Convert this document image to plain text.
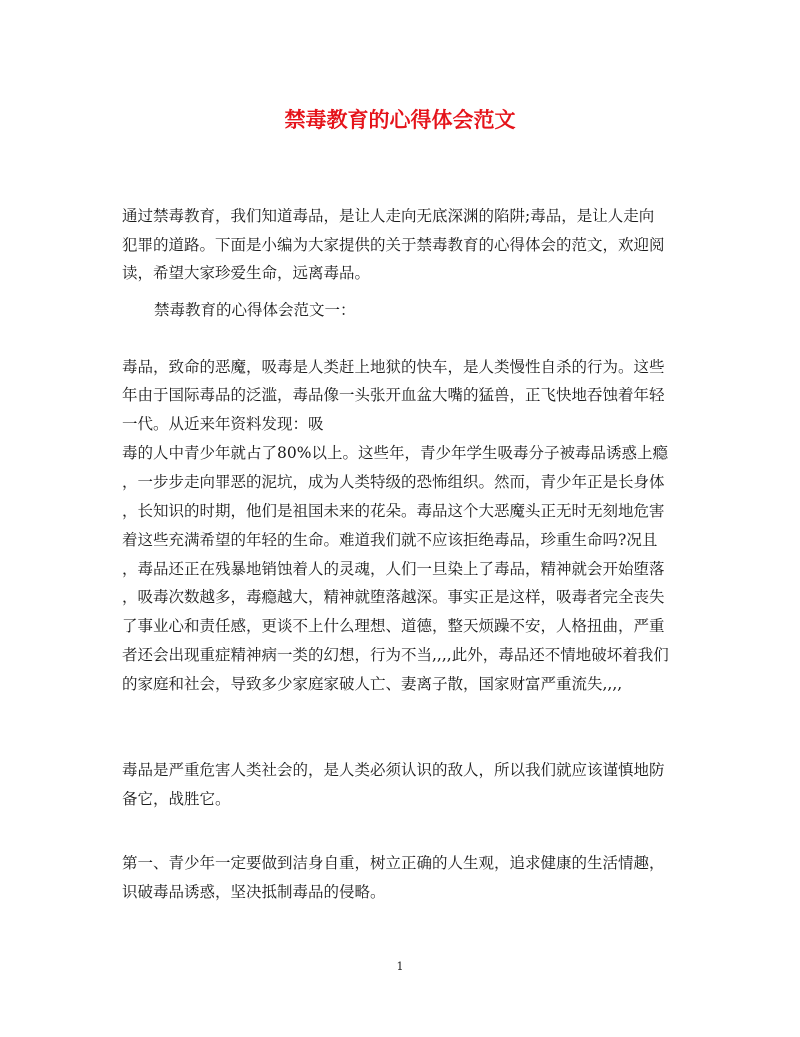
禁毒教育的心得体会范文

通过禁毒教育，我们知道毒品，是让人走向无底深渊的陷阱;毒品，是让人走向

犯罪的道路。下面是小编为大家提供的关于禁毒教育的心得体会的范文，欢迎阅

读，希望大家珍爱生命，远离毒品。

禁毒教育的心得体会范文一：

毒品，致命的恶魔，吸毒是人类赶上地狱的快车，是人类慢性自杀的行为。这些

年由于国际毒品的泛滥，毒品像一头张开血盆大嘴的猛兽，正飞快地吞蚀着年轻

一代。从近来年资料发现：吸

毒的人中青少年就占了80%以上。这些年，青少年学生吸毒分子被毒品诱惑上瘾

，一步步走向罪恶的泥坑，成为人类特级的恐怖组织。然而，青少年正是长身体

，长知识的时期，他们是祖国未来的花朵。毒品这个大恶魔头正无时无刻地危害

着这些充满希望的年轻的生命。难道我们就不应该拒绝毒品，珍重生命吗?况且

，毒品还正在残暴地销蚀着人的灵魂，人们一旦染上了毒品，精神就会开始堕落

，吸毒次数越多，毒瘾越大，精神就堕落越深。事实正是这样，吸毒者完全丧失

了事业心和责任感，更谈不上什么理想、道德，整天烦躁不安，人格扭曲，严重

者还会出现重症精神病一类的幻想，行为不当,,,,此外，毒品还不情地破坏着我们

的家庭和社会，导致多少家庭家破人亡、妻离子散，国家财富严重流失,,,,

毒品是严重危害人类社会的，是人类必须认识的敌人，所以我们就应该谨慎地防

备它，战胜它。

第一、青少年一定要做到洁身自重，树立正确的人生观，追求健康的生活情趣，

识破毒品诱惑，坚决抵制毒品的侵略。

1
